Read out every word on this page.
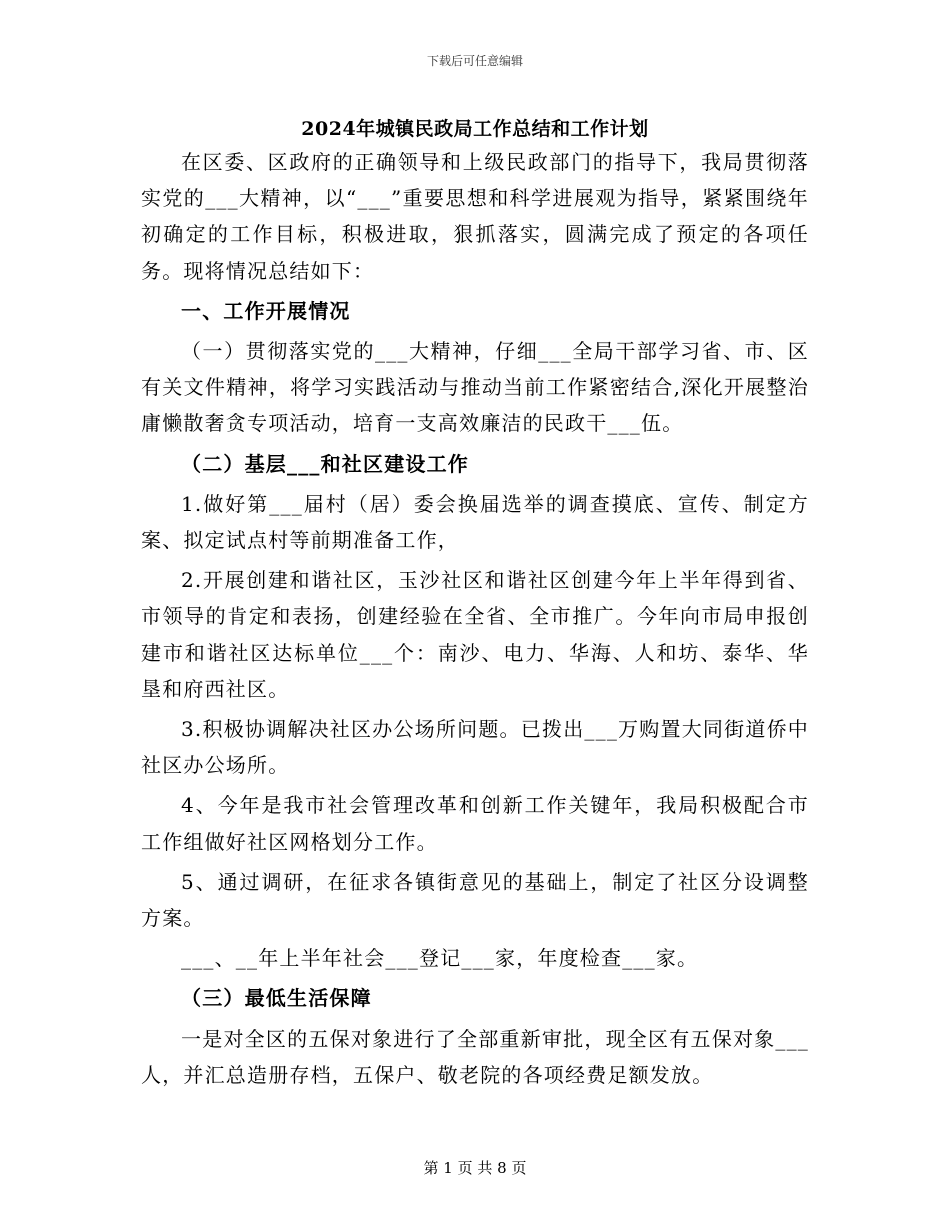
下载后可任意编辑
2024年城镇民政局工作总结和工作计划

在区委、区政府的正确领导和上级民政部门的指导下，我局贯彻落实党的___大精神，以“___”重要思想和科学进展观为指导，紧紧围绕年初确定的工作目标，积极进取，狠抓落实，圆满完成了预定的各项任务。现将情况总结如下：

一、工作开展情况

（一）贯彻落实党的___大精神，仔细___全局干部学习省、市、区有关文件精神，将学习实践活动与推动当前工作紧密结合,深化开展整治庸懒散奢贪专项活动，培育一支高效廉洁的民政干___伍。

（二）基层___和社区建设工作

1.做好第___届村（居）委会换届选举的调查摸底、宣传、制定方案、拟定试点村等前期准备工作，

2.开展创建和谐社区，玉沙社区和谐社区创建今年上半年得到省、市领导的肯定和表扬，创建经验在全省、全市推广。今年向市局申报创建市和谐社区达标单位___个：南沙、电力、华海、人和坊、泰华、华垦和府西社区。

3.积极协调解决社区办公场所问题。已拨出___万购置大同街道侨中社区办公场所。

4、今年是我市社会管理改革和创新工作关键年，我局积极配合市工作组做好社区网格划分工作。

5、通过调研，在征求各镇街意见的基础上，制定了社区分设调整方案。

___、__年上半年社会___登记___家，年度检查___家。

（三）最低生活保障

一是对全区的五保对象进行了全部重新审批，现全区有五保对象___人，并汇总造册存档，五保户、敬老院的各项经费足额发放。

第 1 页 共 8 页
